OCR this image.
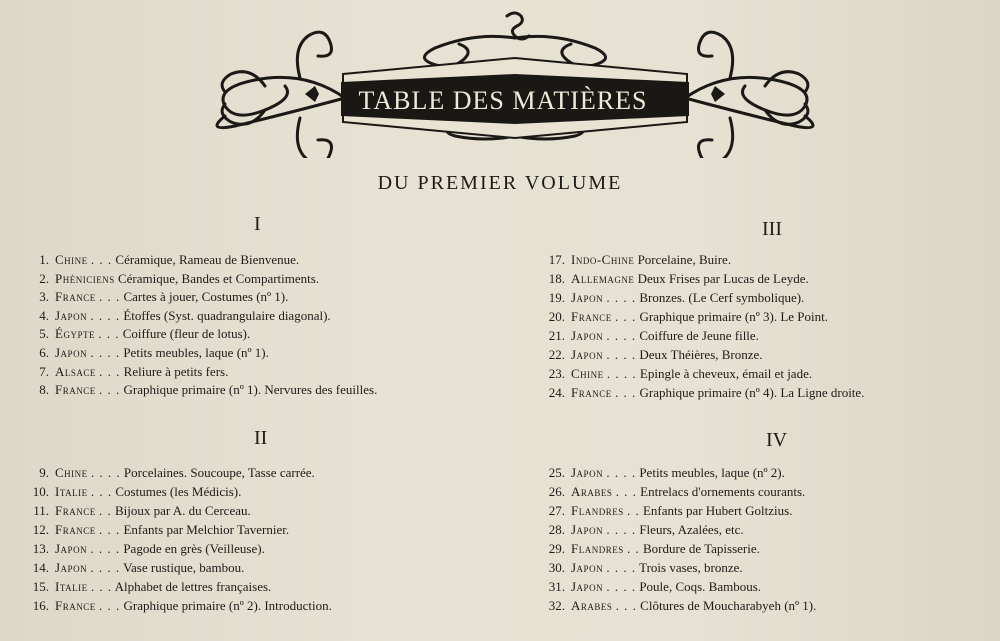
TABLE DES MATIÈRES
DU PREMIER VOLUME
I	III
II	IV
1. Chine . . . Céramique, Rameau de Bienvenue.
2. Phéniciens Céramique, Bandes et Compartiments.
3. France . . . Cartes à jouer, Costumes (nº 1).
4. Japon . . . . Étoffes (Syst. quadrangulaire diagonal).
5. Égypte . . . Coiffure (fleur de lotus).
6. Japon . . . . Petits meubles, laque (nº 1).
7. Alsace . . . Reliure à petits fers.
8. France . . . Graphique primaire (nº 1). Nervures des feuilles.
9. Chine . . . . Porcelaines. Soucoupe, Tasse carrée.
10. Italie . . . Costumes (les Médicis).
11. France . . Bijoux par A. du Cerceau.
12. France . . . Enfants par Melchior Tavernier.
13. Japon . . . . Pagode en grès (Veilleuse).
14. Japon . . . . Vase rustique, bambou.
15. Italie . . . Alphabet de lettres françaises.
16. France . . . Graphique primaire (nº 2). Introduction.
17. Indo-Chine Porcelaine, Buire.
18. Allemagne Deux Frises par Lucas de Leyde.
19. Japon . . . . Bronzes. (Le Cerf symbolique).
20. France . . . Graphique primaire (nº 3). Le Point.
21. Japon . . . . Coiffure de Jeune fille.
22. Japon . . . . Deux Théières, Bronze.
23. Chine . . . . Epingle à cheveux, émail et jade.
24. France . . . Graphique primaire (nº 4). La Ligne droite.
25. Japon . . . . Petits meubles, laque (nº 2).
26. Arabes . . . Entrelacs d'ornements courants.
27. Flandres . . Enfants par Hubert Goltzius.
28. Japon . . . . Fleurs, Azalées, etc.
29. Flandres . . Bordure de Tapisserie.
30. Japon . . . . Trois vases, bronze.
31. Japon . . . . Poule, Coqs. Bambous.
32. Arabes . . . Clôtures de Moucharabyeh (nº 1).
